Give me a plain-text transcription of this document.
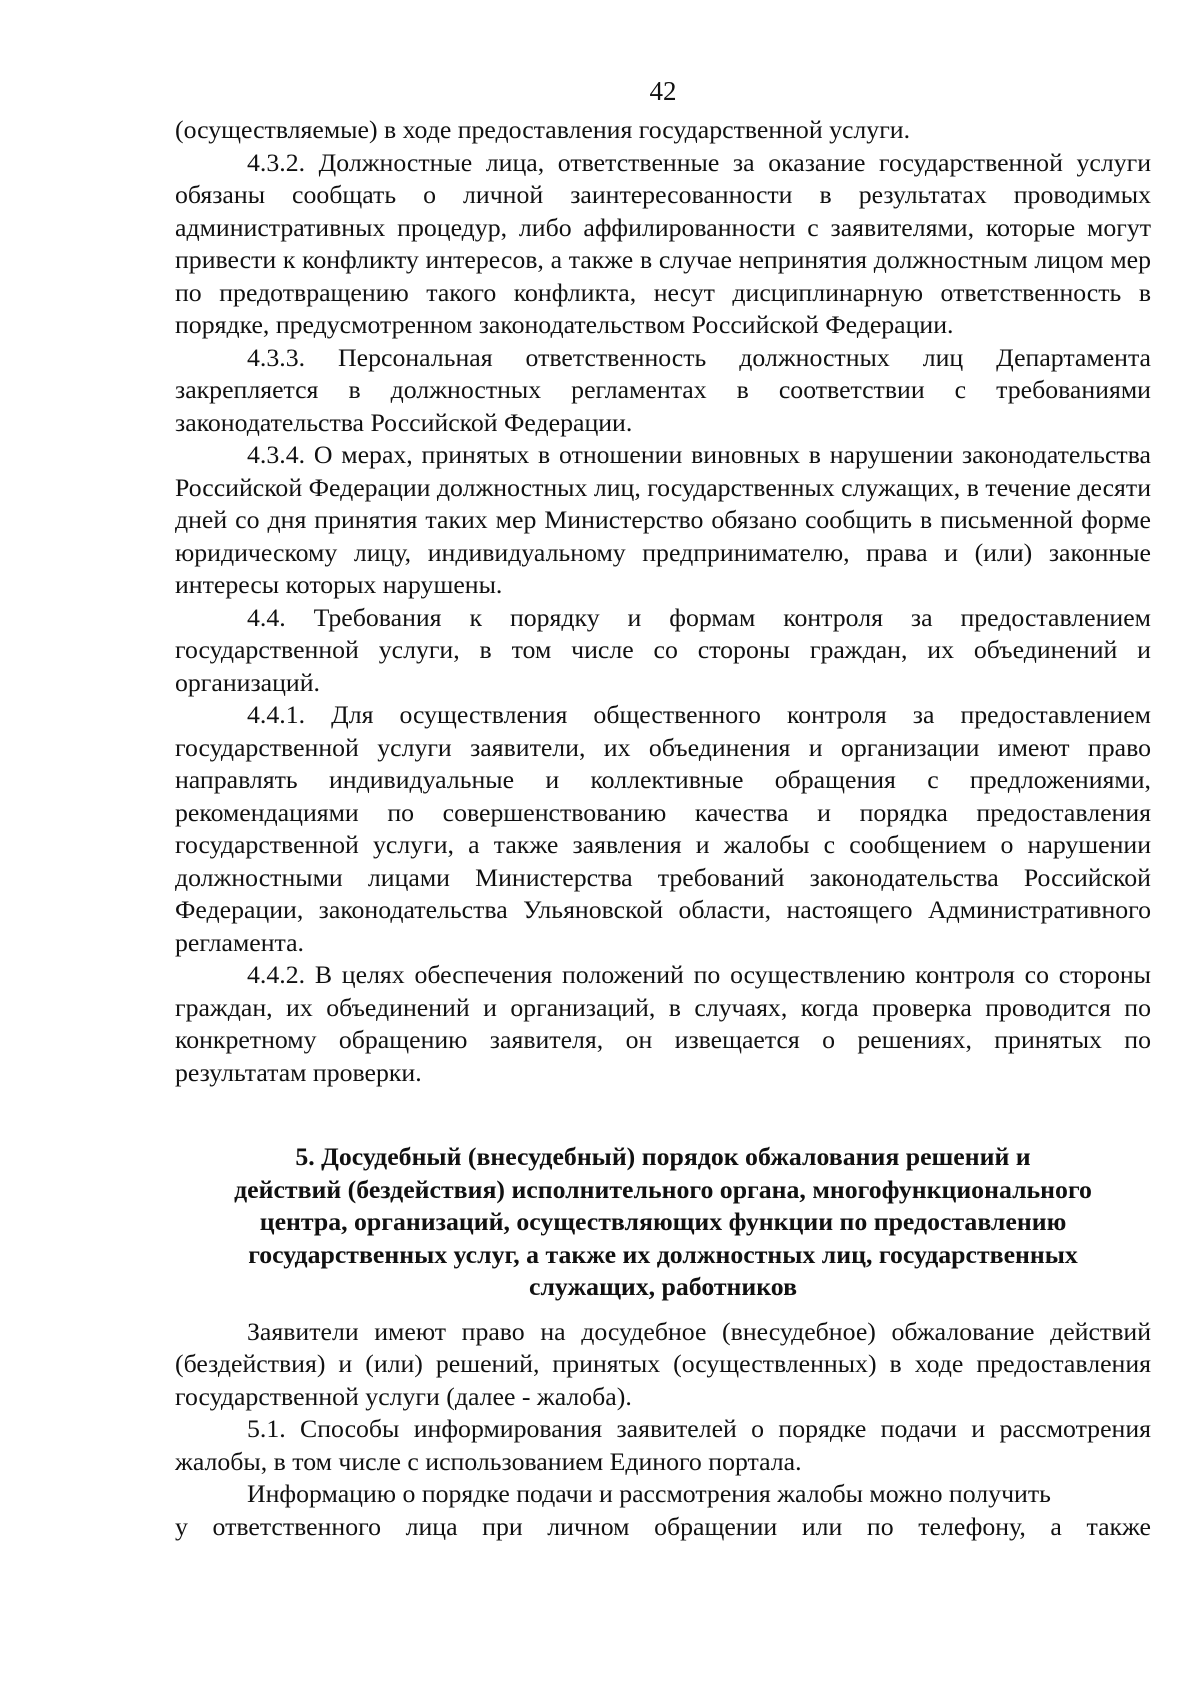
42

(осуществляемые) в ходе предоставления государственной услуги.

4.3.2. Должностные лица, ответственные за оказание государственной услуги обязаны сообщать о личной заинтересованности в результатах проводимых административных процедур, либо аффилированности с заявителями, которые могут привести к конфликту интересов, а также в случае непринятия должностным лицом мер по предотвращению такого конфликта, несут дисциплинарную ответственность в порядке, предусмотренном законодательством Российской Федерации.

4.3.3. Персональная ответственность должностных лиц Департамента закрепляется в должностных регламентах в соответствии с требованиями законодательства Российской Федерации.

4.3.4. О мерах, принятых в отношении виновных в нарушении законодательства Российской Федерации должностных лиц, государственных служащих, в течение десяти дней со дня принятия таких мер Министерство обязано сообщить в письменной форме юридическому лицу, индивидуальному предпринимателю, права и (или) законные интересы которых нарушены.

4.4. Требования к порядку и формам контроля за предоставлением государственной услуги, в том числе со стороны граждан, их объединений и организаций.

4.4.1. Для осуществления общественного контроля за предоставлением государственной услуги заявители, их объединения и организации имеют право направлять индивидуальные и коллективные обращения с предложениями, рекомендациями по совершенствованию качества и порядка предоставления государственной услуги, а также заявления и жалобы с сообщением о нарушении должностными лицами Министерства требований законодательства Российской Федерации, законодательства Ульяновской области, настоящего Административного регламента.

4.4.2. В целях обеспечения положений по осуществлению контроля со стороны граждан, их объединений и организаций, в случаях, когда проверка проводится по конкретному обращению заявителя, он извещается о решениях, принятых по результатам проверки.

5. Досудебный (внесудебный) порядок обжалования решений и
действий (бездействия) исполнительного органа, многофункционального
центра, организаций, осуществляющих функции по предоставлению
государственных услуг, а также их должностных лиц, государственных
служащих, работников

Заявители имеют право на досудебное (внесудебное) обжалование действий (бездействия) и (или) решений, принятых (осуществленных) в ходе предоставления государственной услуги (далее - жалоба).

5.1. Способы информирования заявителей о порядке подачи и рассмотрения жалобы, в том числе с использованием Единого портала.

Информацию о порядке подачи и рассмотрения жалобы можно получить
у ответственного лица при личном обращении или по телефону, а также
